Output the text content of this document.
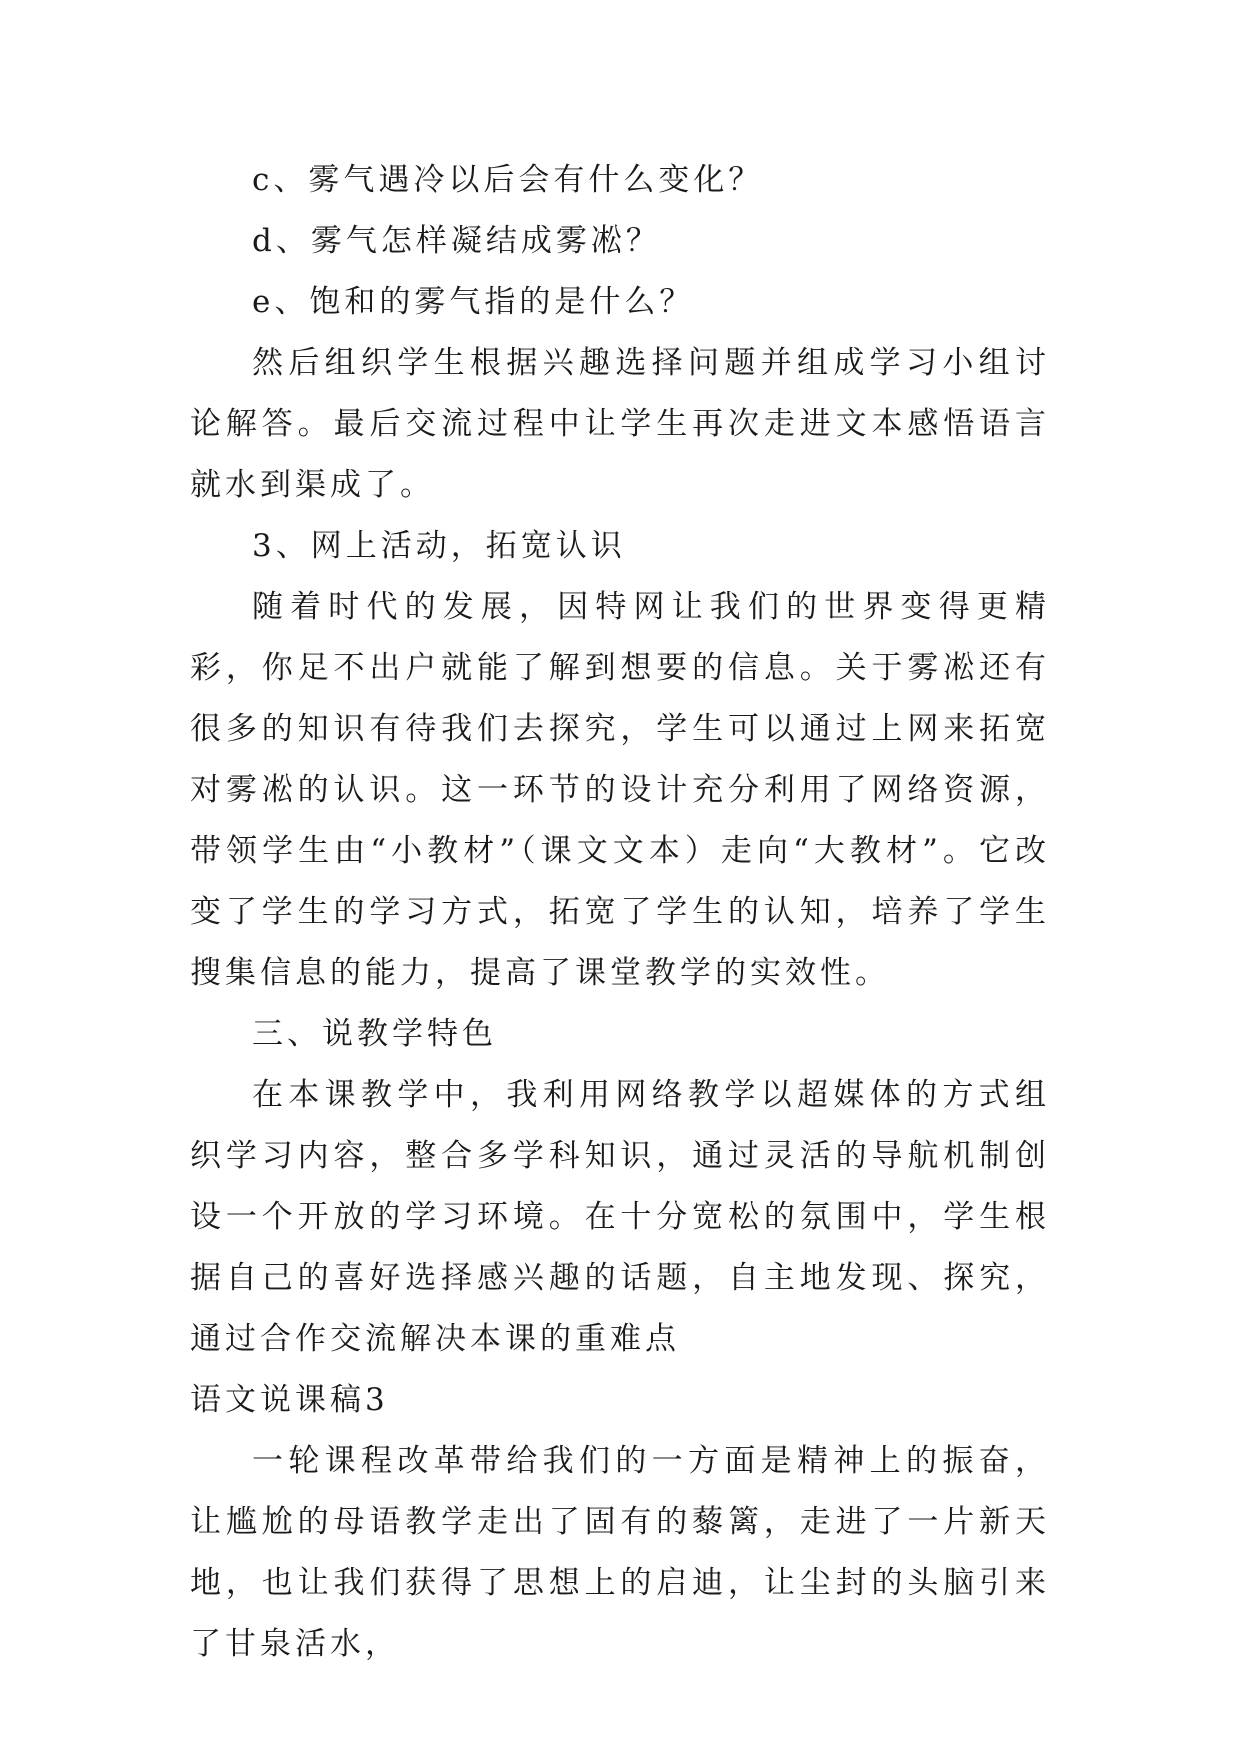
c、雾气遇冷以后会有什么变化？

d、雾气怎样凝结成雾凇？

e、饱和的雾气指的是什么？

然后组织学生根据兴趣选择问题并组成学习小组讨论解答。最后交流过程中让学生再次走进文本感悟语言就水到渠成了。

3、网上活动，拓宽认识

随着时代的发展，因特网让我们的世界变得更精彩，你足不出户就能了解到想要的信息。关于雾凇还有很多的知识有待我们去探究，学生可以通过上网来拓宽对雾凇的认识。这一环节的设计充分利用了网络资源，带领学生由“小教材”（课文文本）走向“大教材”。它改变了学生的学习方式，拓宽了学生的认知，培养了学生搜集信息的能力，提高了课堂教学的实效性。

三、说教学特色

在本课教学中，我利用网络教学以超媒体的方式组织学习内容，整合多学科知识，通过灵活的导航机制创设一个开放的学习环境。在十分宽松的氛围中，学生根据自己的喜好选择感兴趣的话题，自主地发现、探究，通过合作交流解决本课的重难点

语文说课稿3

一轮课程改革带给我们的一方面是精神上的振奋，让尴尬的母语教学走出了固有的藜篱，走进了一片新天地，也让我们获得了思想上的启迪，让尘封的头脑引来了甘泉活水，
